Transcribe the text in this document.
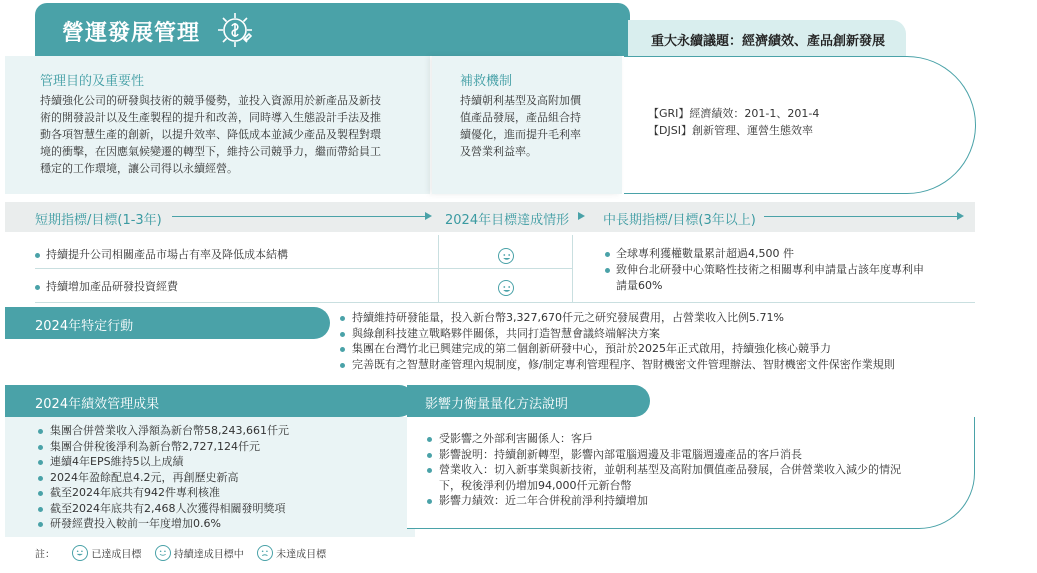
營運發展管理	重大永續議題：經濟績效、產品創新發展
管理目的及重要性
持續強化公司的研發與技術的競爭優勢，並投入資源用於新產品及新技
術的開發設計以及生產製程的提升和改善，同時導入生態設計手法及推
動各項智慧生產的創新，以提升效率、降低成本並減少產品及製程對環
境的衝擊，在因應氣候變遷的轉型下，維持公司競爭力，繼而帶給員工
穩定的工作環境，讓公司得以永續經營。
補救機制
持續朝利基型及高附加價
值產品發展，產品組合持
續優化，進而提升毛利率
及營業利益率。
【GRI】經濟績效：201-1、201-4
【DJSI】創新管理、運營生態效率
短期指標/目標(1-3年)	2024年目標達成情形	中長期指標/目標(3年以上)
持續提升公司相關產品市場占有率及降低成本結構
持續增加產品研發投資經費
全球專利獲權數量累計超過4,500 件
致伸台北研發中心策略性技術之相關專利申請量占該年度專利申
請量60%
2024年特定行動
持續維持研發能量，投入新台幣3,327,670仟元之研究發展費用，占營業收入比例5.71%
與綠創科技建立戰略夥伴關係，共同打造智慧會議終端解決方案
集團在台灣竹北已興建完成的第二個創新研發中心，預計於2025年正式啟用，持續強化核心競爭力
完善既有之智慧財產管理內規制度，修/制定專利管理程序、智財機密文件管理辦法、智財機密文件保密作業規則
影響力衡量量化方法說明
2024年績效管理成果
集團合併營業收入淨額為新台幣58,243,661仟元
集團合併稅後淨利為新台幣2,727,124仟元
連續4年EPS維持5以上成績
2024年盈餘配息4.2元，再創歷史新高
截至2024年底共有942件專利核准
截至2024年底共有2,468人次獲得相關發明獎項
研發經費投入較前一年度增加0.6%
受影響之外部利害關係人：客戶
影響說明：持續創新轉型，影響內部電腦週邊及非電腦週邊產品的客戶消長
營業收入：切入新事業與新技術，並朝利基型及高附加價值產品發展，合併營業收入減少的情況
下，稅後淨利仍增加94,000仟元新台幣
影響力績效：近二年合併稅前淨利持續增加
註：	已達成目標	持續達成目標中	未達成目標
